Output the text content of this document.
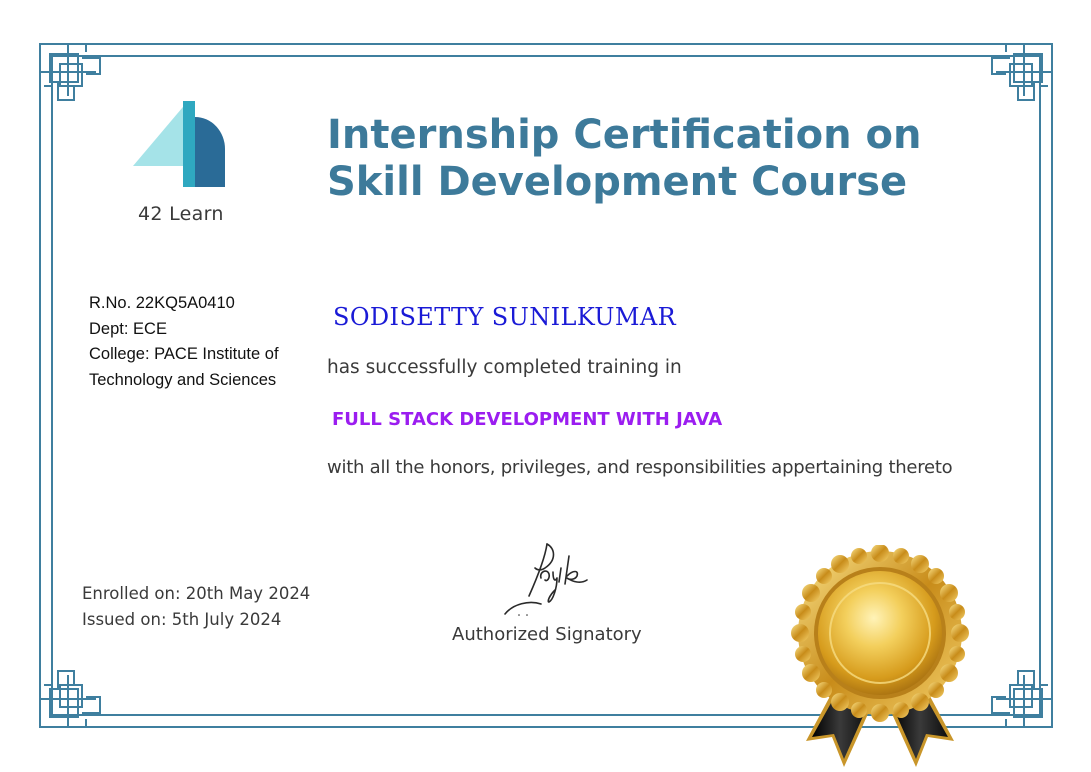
42 Learn
Internship Certification on
Skill Development Course
R.No. 22KQ5A0410
Dept: ECE
College: PACE Institute of Technology and Sciences
SODISETTY SUNILKUMAR
has successfully completed training in
FULL STACK DEVELOPMENT WITH JAVA
with all the honors, privileges, and responsibilities appertaining thereto
Enrolled on: 20th May 2024
Issued on: 5th July 2024
Authorized Signatory
